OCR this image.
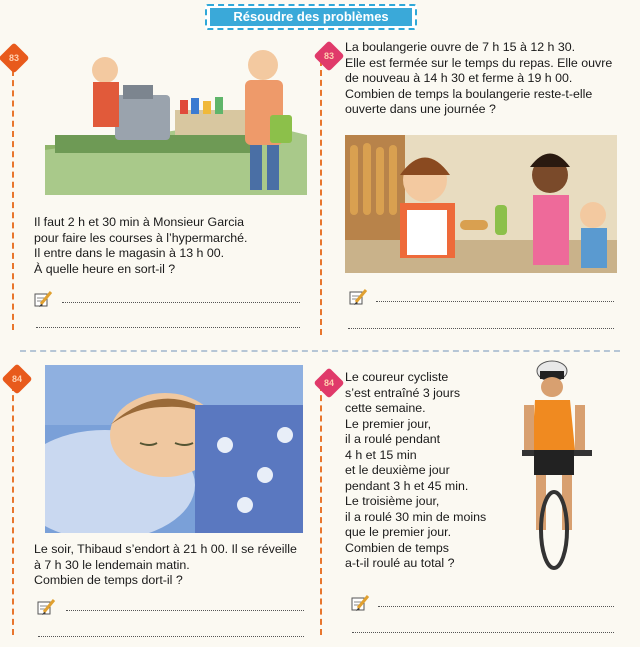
Résoudre des problèmes
83
Il faut 2 h et 30 min à Monsieur Garcia
pour faire les courses à l’hypermarché.
Il entre dans le magasin à 13 h 00.
À quelle heure en sort-il ?
83
La boulangerie ouvre de 7 h 15 à 12 h 30.
Elle est fermée sur le temps du repas. Elle ouvre
de nouveau à 14 h 30 et ferme à 19 h 00.
Combien de temps la boulangerie reste-t-elle
ouverte dans une journée ?
84
Le soir, Thibaud s’endort à 21 h 00. Il se réveille
à 7 h 30 le lendemain matin.
Combien de temps dort-il ?
84 Le coureur cycliste
s’est entraîné 3 jours
cette semaine.
Le premier jour,
il a roulé pendant
4 h et 15 min
et le deuxième jour
pendant 3 h et 45 min.
Le troisième jour,
il a roulé 30 min de moins
que le premier jour.
Combien de temps
a-t-il roulé au total ?
